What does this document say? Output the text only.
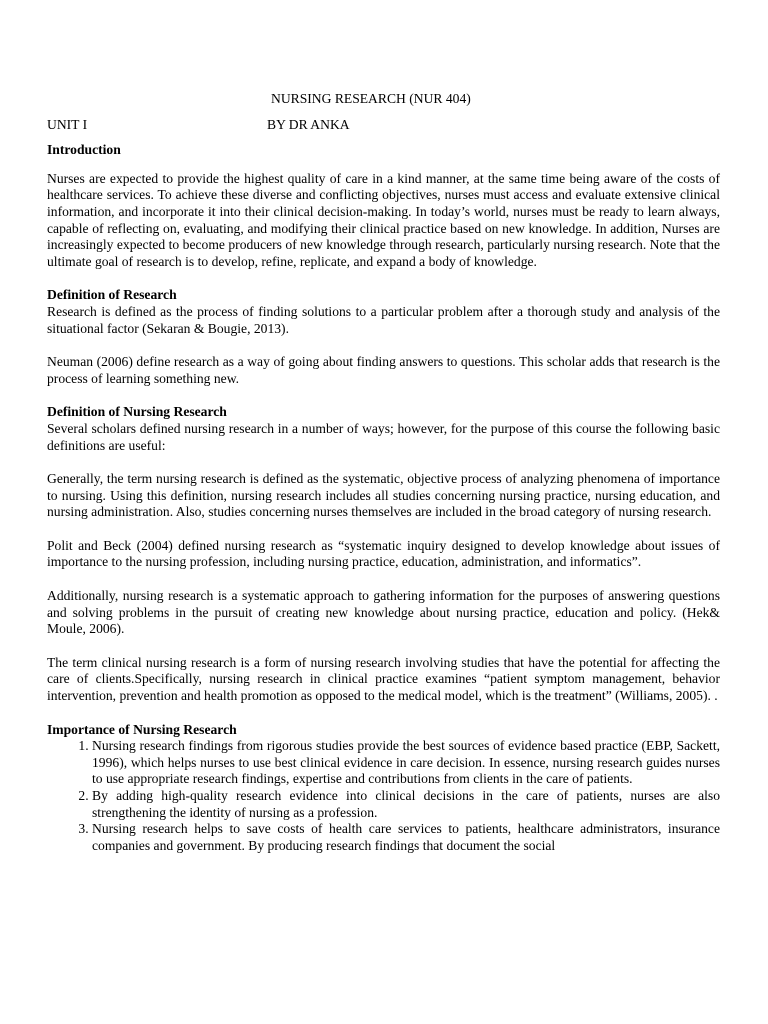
NURSING RESEARCH (NUR 404)
UNIT I	BY DR ANKA
Introduction

Nurses are expected to provide the highest quality of care in a kind manner, at the same time being aware of the costs of healthcare services. To achieve these diverse and conflicting objectives, nurses must access and evaluate extensive clinical information, and incorporate it into their clinical decision-making. In today’s world, nurses must be ready to learn always, capable of reflecting on, evaluating, and modifying their clinical practice based on new knowledge. In addition, Nurses are increasingly expected to become producers of new knowledge through research, particularly nursing research. Note that the ultimate goal of research is to develop, refine, replicate, and expand a body of knowledge.

Definition of Research

Research is defined as the process of finding solutions to a particular problem after a thorough study and analysis of the situational factor (Sekaran & Bougie, 2013).

Neuman (2006) define research as a way of going about finding answers to questions. This scholar adds that research is the process of learning something new.

Definition of Nursing Research

Several scholars defined nursing research in a number of ways; however, for the purpose of this course the following basic definitions are useful:

Generally, the term nursing research is defined as the systematic, objective process of analyzing phenomena of importance to nursing. Using this definition, nursing research includes all studies concerning nursing practice, nursing education, and nursing administration. Also, studies concerning nurses themselves are included in the broad category of nursing research.

Polit and Beck (2004) defined nursing research as “systematic inquiry designed to develop knowledge about issues of importance to the nursing profession, including nursing practice, education, administration, and informatics”.

Additionally, nursing research is a systematic approach to gathering information for the purposes of answering questions and solving problems in the pursuit of creating new knowledge about nursing practice, education and policy. (Hek& Moule, 2006).

The term clinical nursing research is a form of nursing research involving studies that have the potential for affecting the care of clients.Specifically, nursing research in clinical practice examines “patient symptom management, behavior intervention, prevention and health promotion as opposed to the medical model, which is the treatment” (Williams, 2005). .

Importance of Nursing Research
1. Nursing research findings from rigorous studies provide the best sources of evidence based practice (EBP, Sackett, 1996), which helps nurses to use best clinical evidence in care decision. In essence, nursing research guides nurses to use appropriate research findings, expertise and contributions from clients in the care of patients.
2. By adding high-quality research evidence into clinical decisions in the care of patients, nurses are also strengthening the identity of nursing as a profession.
3. Nursing research helps to save costs of health care services to patients, healthcare administrators, insurance companies and government. By producing research findings that document the social
